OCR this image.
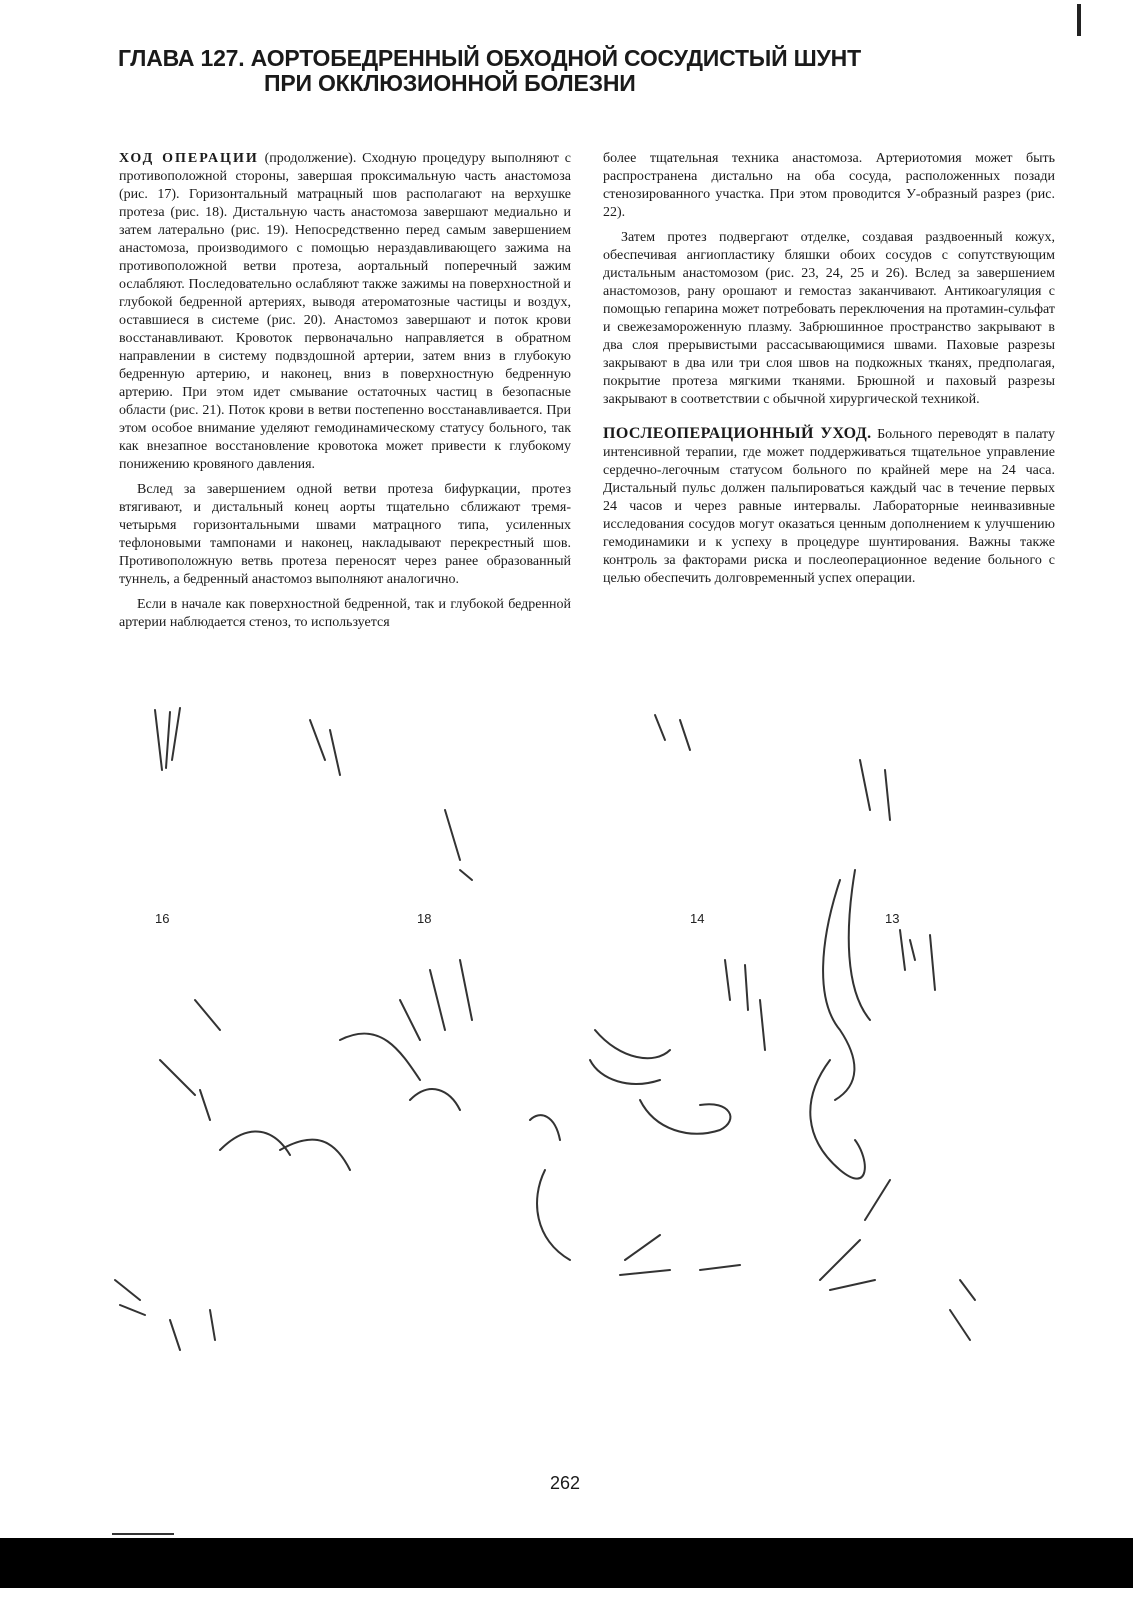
ГЛАВА 127. АОРТОБЕДРЕННЫЙ ОБХОДНОЙ СОСУДИСТЫЙ ШУНТ
ПРИ ОККЛЮЗИОННОЙ БОЛЕЗНИ

ХОД ОПЕРАЦИИ (продолжение). Сходную процедуру выполняют с противоположной стороны, завершая проксимальную часть анастомоза (рис. 17). Горизонтальный матрацный шов располагают на верхушке протеза (рис. 18). Дистальную часть анастомоза завершают медиально и затем латерально (рис. 19). Непосредственно перед самым завершением анастомоза, производимого с помощью нераздавливающего зажима на противоположной ветви протеза, аортальный поперечный зажим ослабляют. Последовательно ослабляют также зажимы на поверхностной и глубокой бедренной артериях, выводя атероматозные частицы и воздух, оставшиеся в системе (рис. 20). Анастомоз завершают и поток крови восстанавливают. Кровоток первоначально направляется в обратном направлении в систему подвздошной артерии, затем вниз в глубокую бедренную артерию, и наконец, вниз в поверхностную бедренную артерию. При этом идет смывание остаточных частиц в безопасные области (рис. 21). Поток крови в ветви постепенно восстанавливается. При этом особое внимание уделяют гемодинамическому статусу больного, так как внезапное восстановление кровотока может привести к глубокому понижению кровяного давления.

Вслед за завершением одной ветви протеза бифуркации, протез втягивают, и дистальный конец аорты тщательно сближают тремя-четырьмя горизонтальными швами матрацного типа, усиленных тефлоновыми тампонами и наконец, накладывают перекрестный шов. Противоположную ветвь протеза переносят через ранее образованный туннель, а бедренный анастомоз выполняют аналогично.

Если в начале как поверхностной бедренной, так и глубокой бедренной артерии наблюдается стеноз, то используется

более тщательная техника анастомоза. Артериотомия может быть распространена дистально на оба сосуда, расположенных позади стенозированного участка. При этом проводится У-образный разрез (рис. 22).

Затем протез подвергают отделке, создавая раздвоенный кожух, обеспечивая ангиопластику бляшки обоих сосудов с сопутствующим дистальным анастомозом (рис. 23, 24, 25 и 26). Вслед за завершением анастомозов, рану орошают и гемостаз заканчивают. Антикоагуляция с помощью гепарина может потребовать переключения на протамин-сульфат и свежезамороженную плазму. Забрюшинное пространство закрывают в два слоя прерывистыми рассасывающимися швами. Паховые разрезы закрывают в два или три слоя швов на подкожных тканях, предполагая, покрытие протеза мягкими тканями. Брюшной и паховый разрезы закрывают в соответствии с обычной хирургической техникой.

ПОСЛЕОПЕРАЦИОННЫЙ УХОД. Больного переводят в палату интенсивной терапии, где может поддерживаться тщательное управление сердечно-легочным статусом больного по крайней мере на 24 часа. Дистальный пульс должен пальпироваться каждый час в течение первых 24 часов и через равные интервалы. Лабораторные неинвазивные исследования сосудов могут оказаться ценным дополнением к улучшению гемодинамики и к успеху в процедуре шунтирования. Важны также контроль за факторами риска и послеоперационное ведение больного с целью обеспечить долговременный успех операции.

16	18	14	13
262
